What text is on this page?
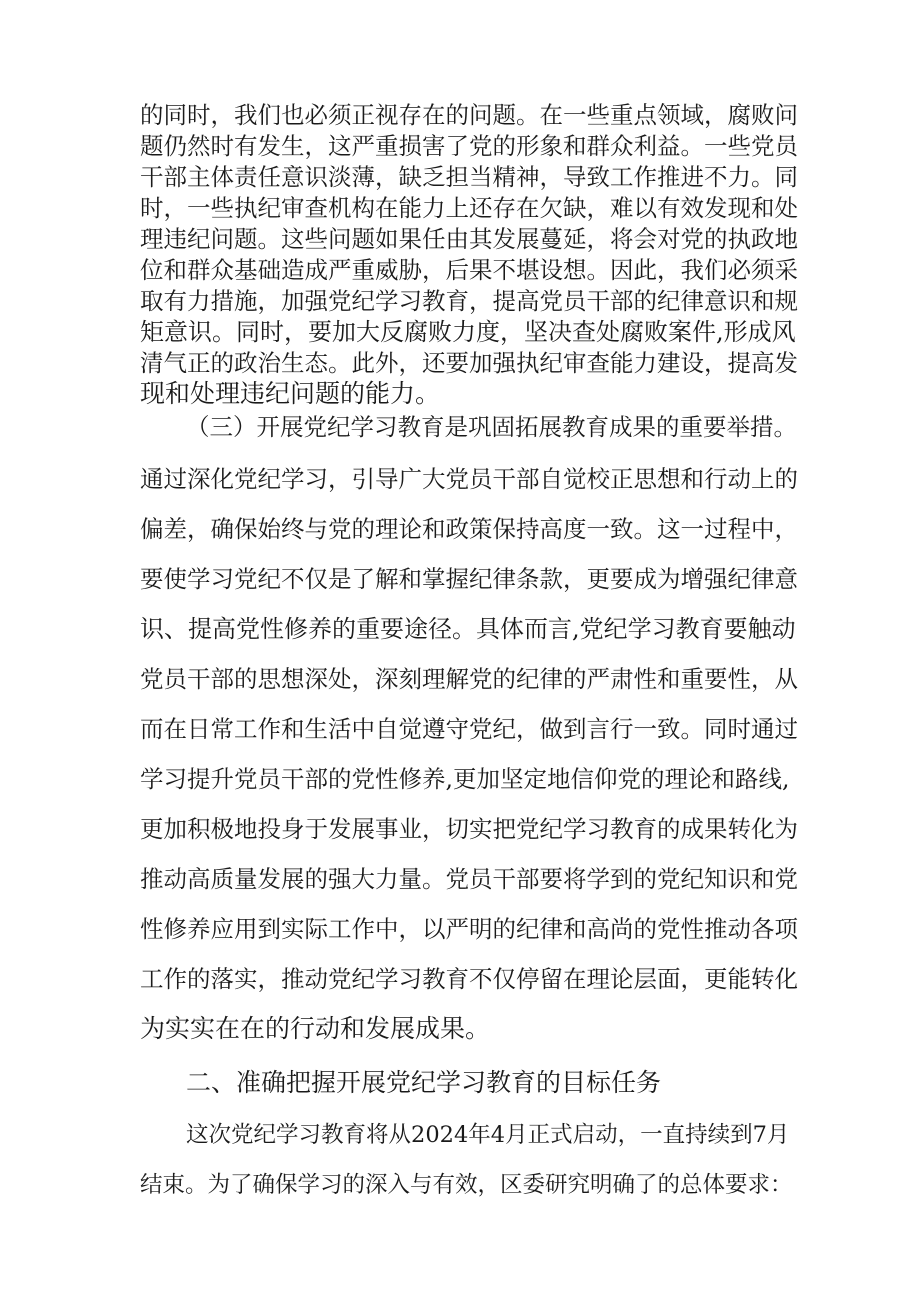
的同时，我们也必须正视存在的问题。在一些重点领域，腐败问
题仍然时有发生，这严重损害了党的形象和群众利益。一些党员
干部主体责任意识淡薄，缺乏担当精神，导致工作推进不力。同
时，一些执纪审查机构在能力上还存在欠缺，难以有效发现和处
理违纪问题。这些问题如果任由其发展蔓延，将会对党的执政地
位和群众基础造成严重威胁，后果不堪设想。因此，我们必须采
取有力措施，加强党纪学习教育，提高党员干部的纪律意识和规
矩意识。同时，要加大反腐败力度，坚决查处腐败案件,形成风
清气正的政治生态。此外，还要加强执纪审查能力建设，提高发
现和处理违纪问题的能力。
（三）开展党纪学习教育是巩固拓展教育成果的重要举措。
通过深化党纪学习，引导广大党员干部自觉校正思想和行动上的
偏差，确保始终与党的理论和政策保持高度一致。这一过程中，
要使学习党纪不仅是了解和掌握纪律条款，更要成为增强纪律意
识、提高党性修养的重要途径。具体而言,党纪学习教育要触动
党员干部的思想深处，深刻理解党的纪律的严肃性和重要性，从
而在日常工作和生活中自觉遵守党纪，做到言行一致。同时通过
学习提升党员干部的党性修养,更加坚定地信仰党的理论和路线,
更加积极地投身于发展事业，切实把党纪学习教育的成果转化为
推动高质量发展的强大力量。党员干部要将学到的党纪知识和党
性修养应用到实际工作中，以严明的纪律和高尚的党性推动各项
工作的落实，推动党纪学习教育不仅停留在理论层面，更能转化
为实实在在的行动和发展成果。
二、准确把握开展党纪学习教育的目标任务
这次党纪学习教育将从2024年4月正式启动，一直持续到7月
结束。为了确保学习的深入与有效，区委研究明确了的总体要求：
